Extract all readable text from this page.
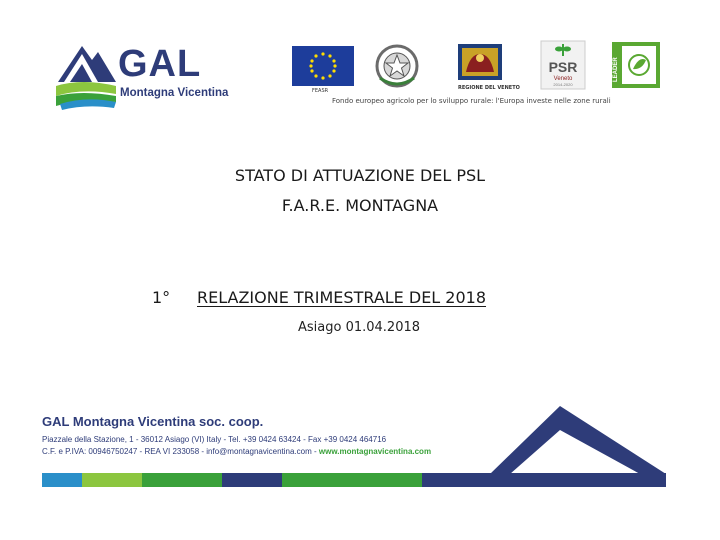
GAL
Montagna Vicentina	FEASR	REGIONE DEL VENETO
PSR
Veneto
2014-2020
LEADER
Fondo europeo agricolo per lo sviluppo rurale: l'Europa investe nelle zone rurali
STATO DI ATTUAZIONE DEL PSL
F.A.R.E. MONTAGNA
1° RELAZIONE TRIMESTRALE DEL 2018
Asiago 01.04.2018
GAL Montagna Vicentina soc. coop.
Piazzale della Stazione, 1 - 36012 Asiago (VI) Italy - Tel. +39 0424 63424 - Fax +39 0424 464716
C.F. e P.IVA: 00946750247 - REA VI 233058 - info@montagnavicentina.com - www.montagnavicentina.com
